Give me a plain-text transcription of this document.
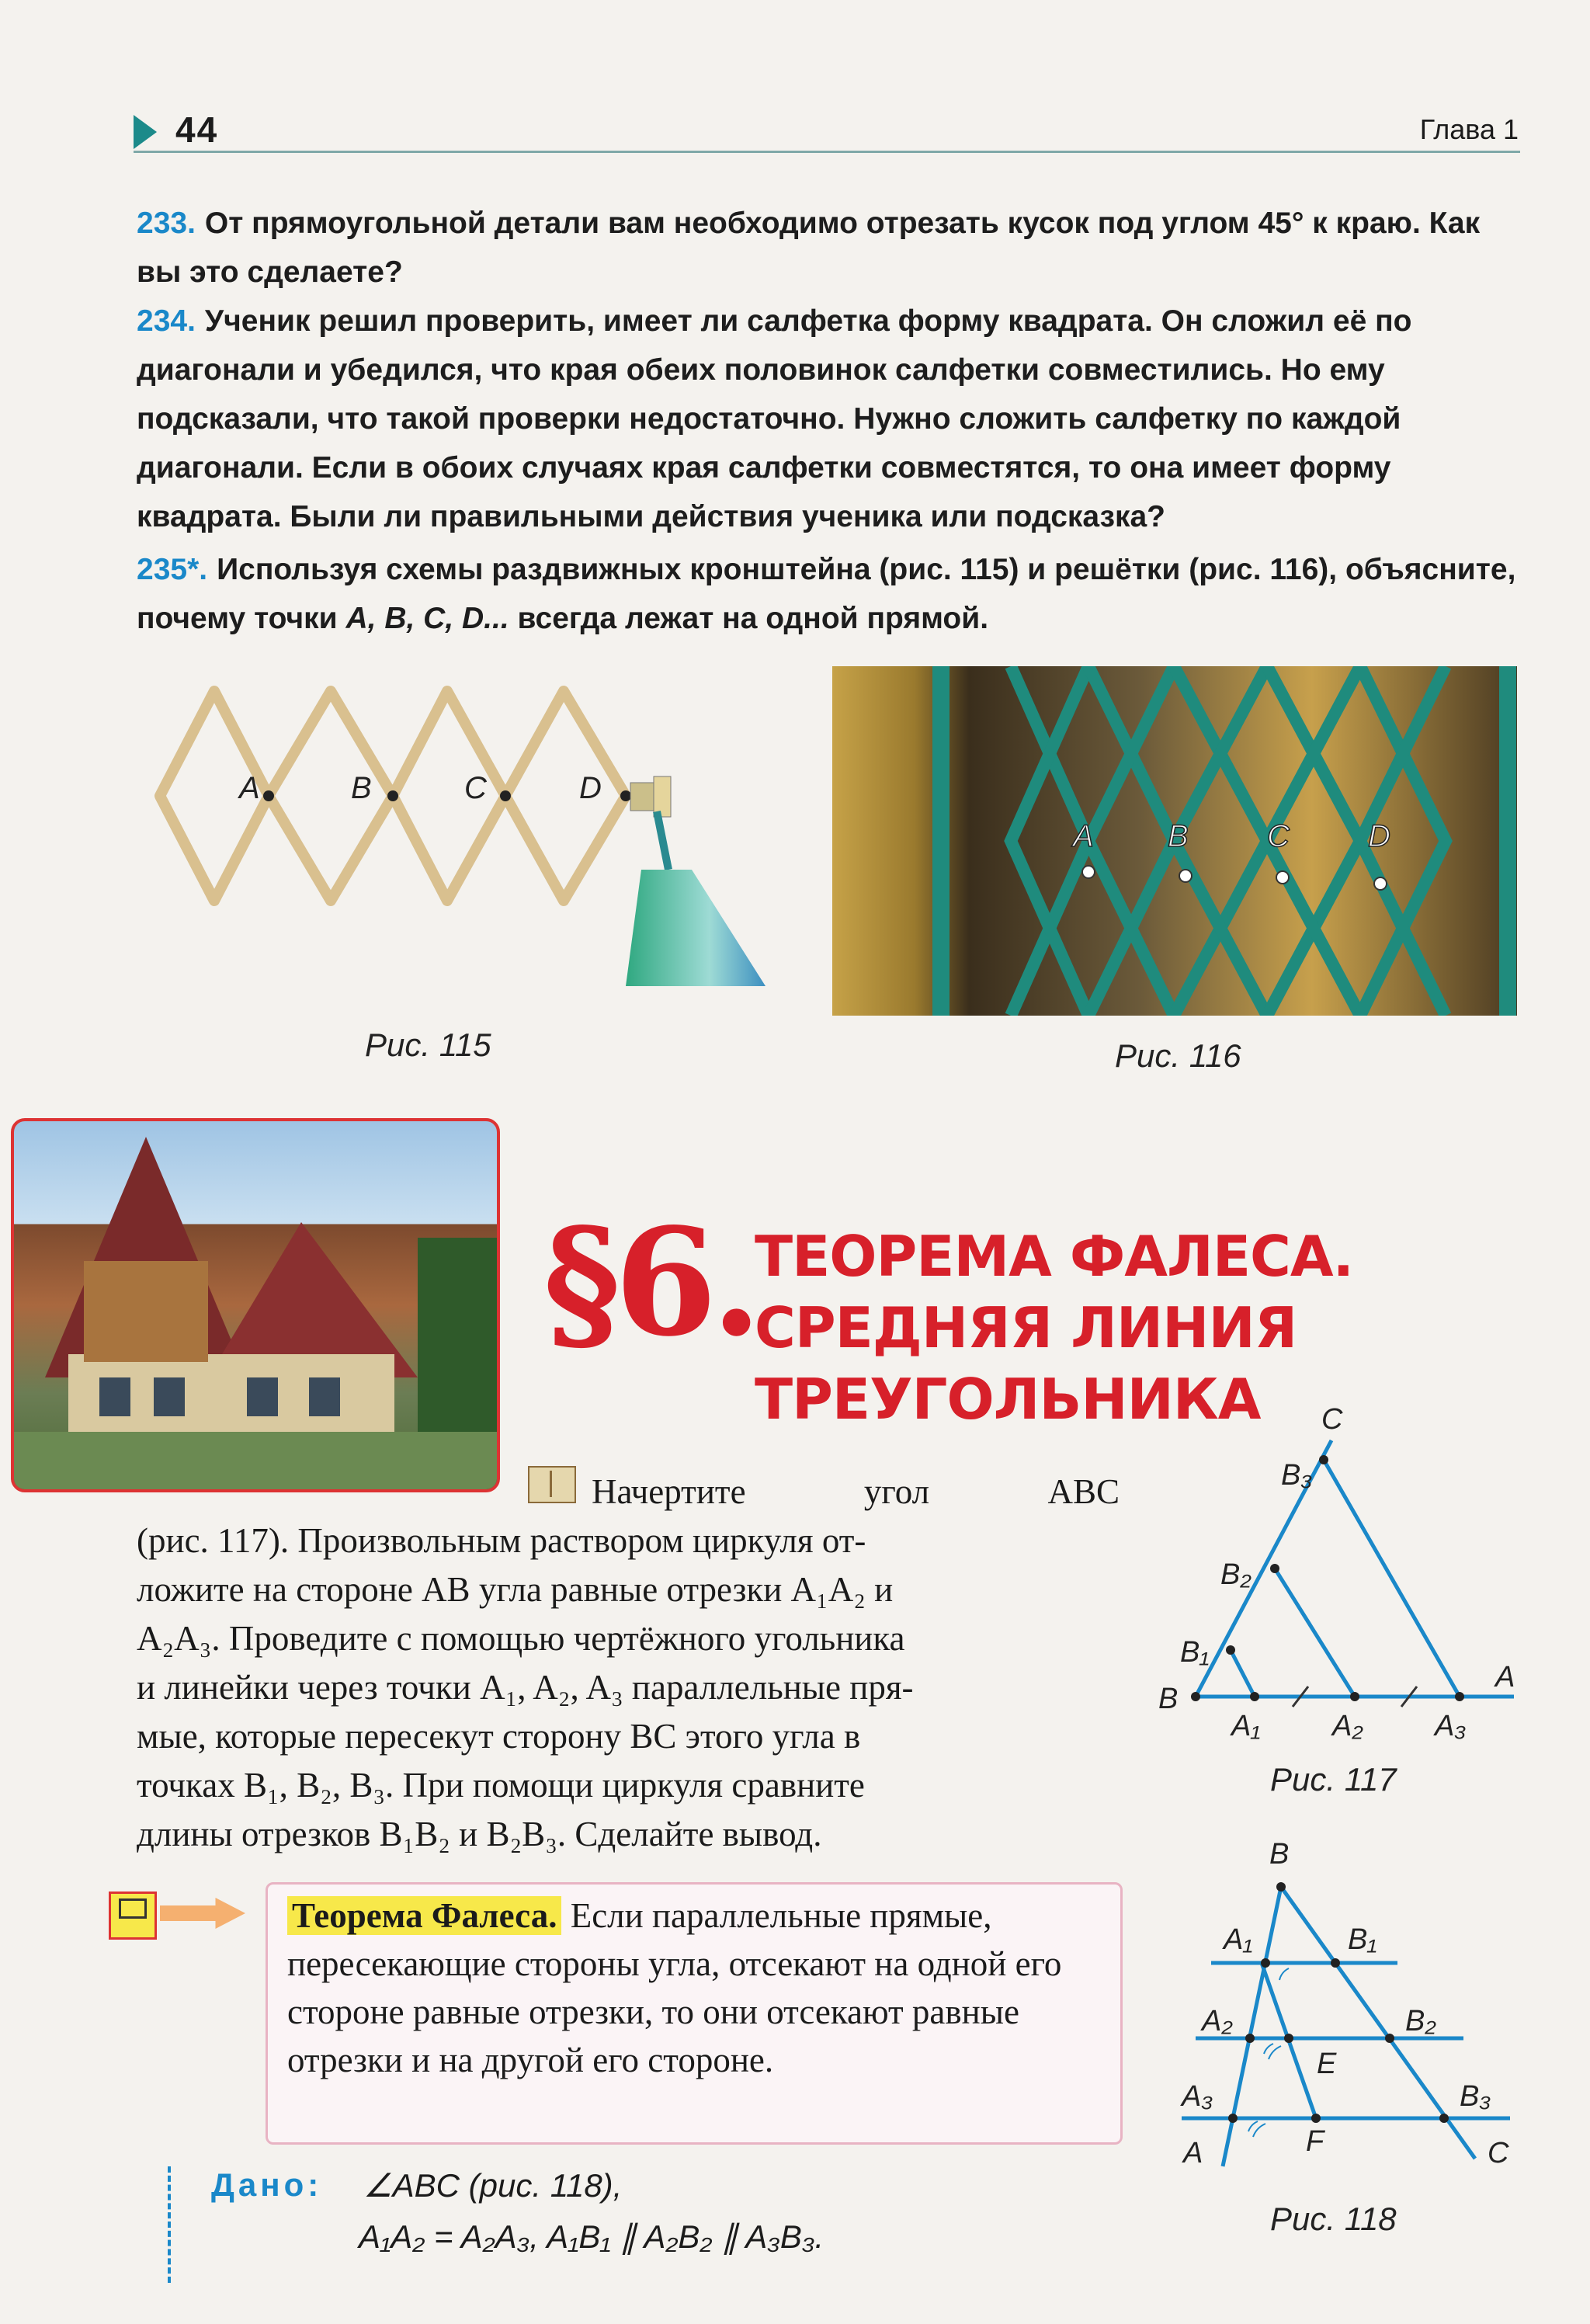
44	Глава 1
233. От прямоугольной детали вам необходимо отрезать кусок под углом 45° к краю. Как вы это сделаете?
234. Ученик решил проверить, имеет ли салфетка форму квадрата. Он сложил её по диагонали и убедился, что края обеих половинок салфетки совместились. Но ему подсказали, что такой проверки недостаточно. Нужно сложить салфетку по каждой диагонали. Если в обоих случаях края салфетки совместятся, то она имеет форму квадрата. Были ли правильными действия ученика или подсказка?
235*. Используя схемы раздвижных кронштейна (рис. 115) и решётки (рис. 116), объясните, почему точки A, B, C, D... всегда лежат на одной прямой.
A	B	C	D
Рис. 115
A B	C	D
Рис. 116
§6.
ТЕОРЕМА ФАЛЕСА.
СРЕДНЯЯ ЛИНИЯ
ТРЕУГОЛЬНИКА
Начертите угол ABC
(рис. 117). Произвольным раствором циркуля от-
ложите на стороне AB угла равные отрезки A₁A₂ и
A₂A₃. Проведите с помощью чертёжного угольника
и линейки через точки A₁, A₂, A₃ параллельные пря-
мые, которые пересекут сторону BC этого угла в
точках B₁, B₂, B₃. При помощи циркуля сравните
длины отрезков B₁B₂ и B₂B₃. Сделайте вывод.
C
B₃
B₂
B₁
B
A₁ A₂ A₃
A
Рис. 117
Теорема Фалеса. Если параллельные прямые, пересекающие стороны угла, отсекают на одной его стороне равные отрезки, то они отсекают равные отрезки и на другой его стороне.
B
A₁	B₁
A₂	B₂
E
A₃	B₃
A	F	C
Рис. 118
Дано: ∠ABC (рис. 118),
A₁A₂ = A₂A₃, A₁B₁ ∥ A₂B₂ ∥ A₃B₃.
